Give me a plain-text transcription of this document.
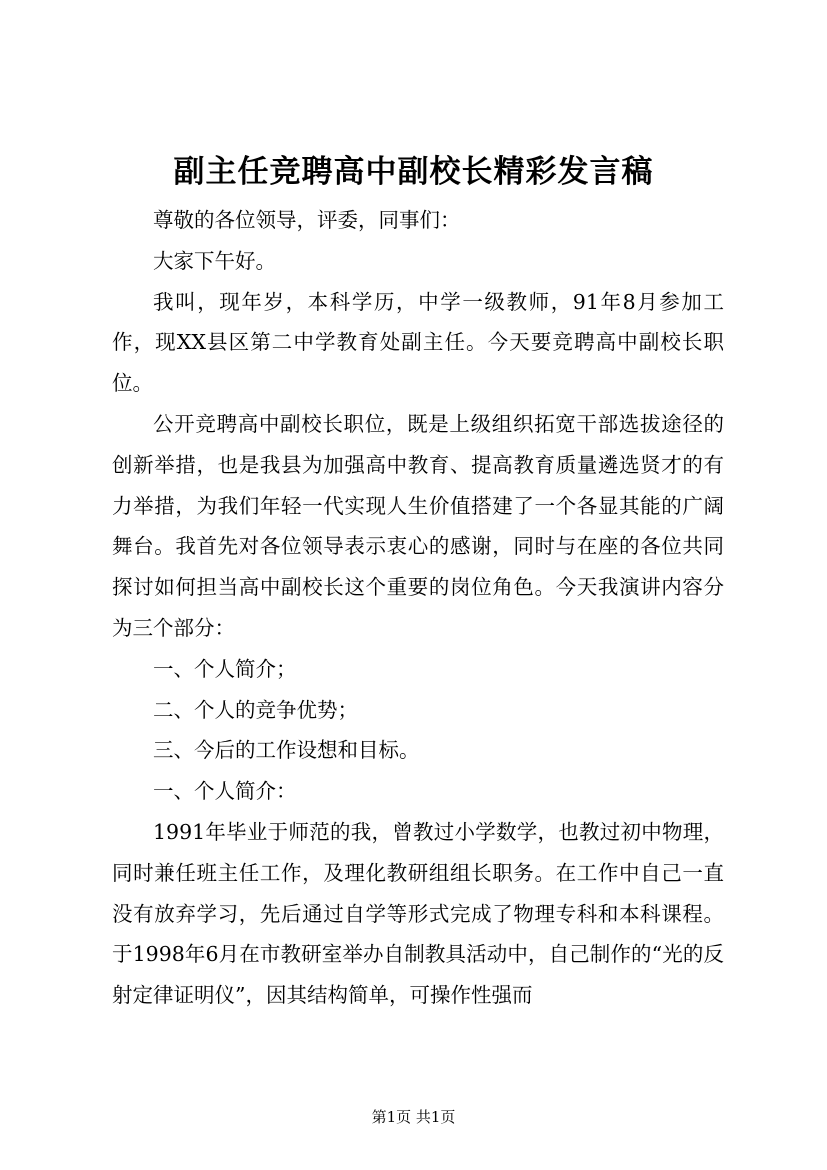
副主任竞聘高中副校长精彩发言稿

尊敬的各位领导，评委，同事们：

大家下午好。

我叫，现年岁，本科学历，中学一级教师，91年8月参加工作，现XX县区第二中学教育处副主任。今天要竞聘高中副校长职位。

公开竞聘高中副校长职位，既是上级组织拓宽干部选拔途径的创新举措，也是我县为加强高中教育、提高教育质量遴选贤才的有力举措，为我们年轻一代实现人生价值搭建了一个各显其能的广阔舞台。我首先对各位领导表示衷心的感谢，同时与在座的各位共同探讨如何担当高中副校长这个重要的岗位角色。今天我演讲内容分为三个部分：

一、个人简介；

二、个人的竞争优势；

三、今后的工作设想和目标。

一、个人简介：

1991年毕业于师范的我，曾教过小学数学，也教过初中物理，同时兼任班主任工作，及理化教研组组长职务。在工作中自己一直没有放弃学习，先后通过自学等形式完成了物理专科和本科课程。于1998年6月在市教研室举办自制教具活动中，自己制作的“光的反射定律证明仪”，因其结构简单，可操作性强而

第1页 共1页
